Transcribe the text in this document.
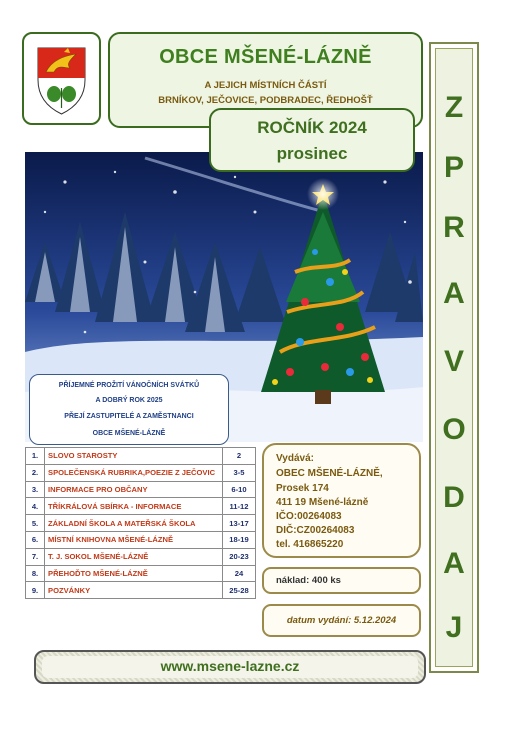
OBCE MŠENÉ-LÁZNĚ
A JEJICH MÍSTNÍCH ČÁSTÍ
BRNÍKOV, JEČOVICE, PODBRADEC, ŘEDHOŠŤ
ROČNÍK 2024
prosinec
Z
P
R
A
V
O
D
A
J
PŘÍJEMNÉ PROŽITÍ VÁNOČNÍCH SVÁTKŮ
A DOBRÝ ROK 2025
PŘEJÍ ZASTUPITELÉ A ZAMĚSTNANCI
OBCE MŠENÉ-LÁZNĚ
1.	SLOVO STAROSTY	2
2.	SPOLEČENSKÁ RUBRIKA,POEZIE Z JEČOVIC	3-5
3.	INFORMACE PRO OBČANY	6-10
4.	TŘÍKRÁLOVÁ SBÍRKA - INFORMACE	11-12
5.	ZÁKLADNÍ ŠKOLA A MATEŘSKÁ ŠKOLA	13-17
6.	MÍSTNÍ KNIHOVNA MŠENÉ-LÁZNĚ	18-19
7.	T. J. SOKOL MŠENÉ-LÁZNĚ	20-23
8.	PŘEHOĎTO MŠENÉ-LÁZNĚ	24
9.	POZVÁNKY	25-28
Vydává:
OBEC MŠENÉ-LÁZNĚ,
Prosek 174
411 19 Mšené-lázně
IČO:00264083
DIČ:CZ00264083
tel. 416865220
náklad: 400 ks
datum vydání: 5.12.2024
www.msene-lazne.cz
